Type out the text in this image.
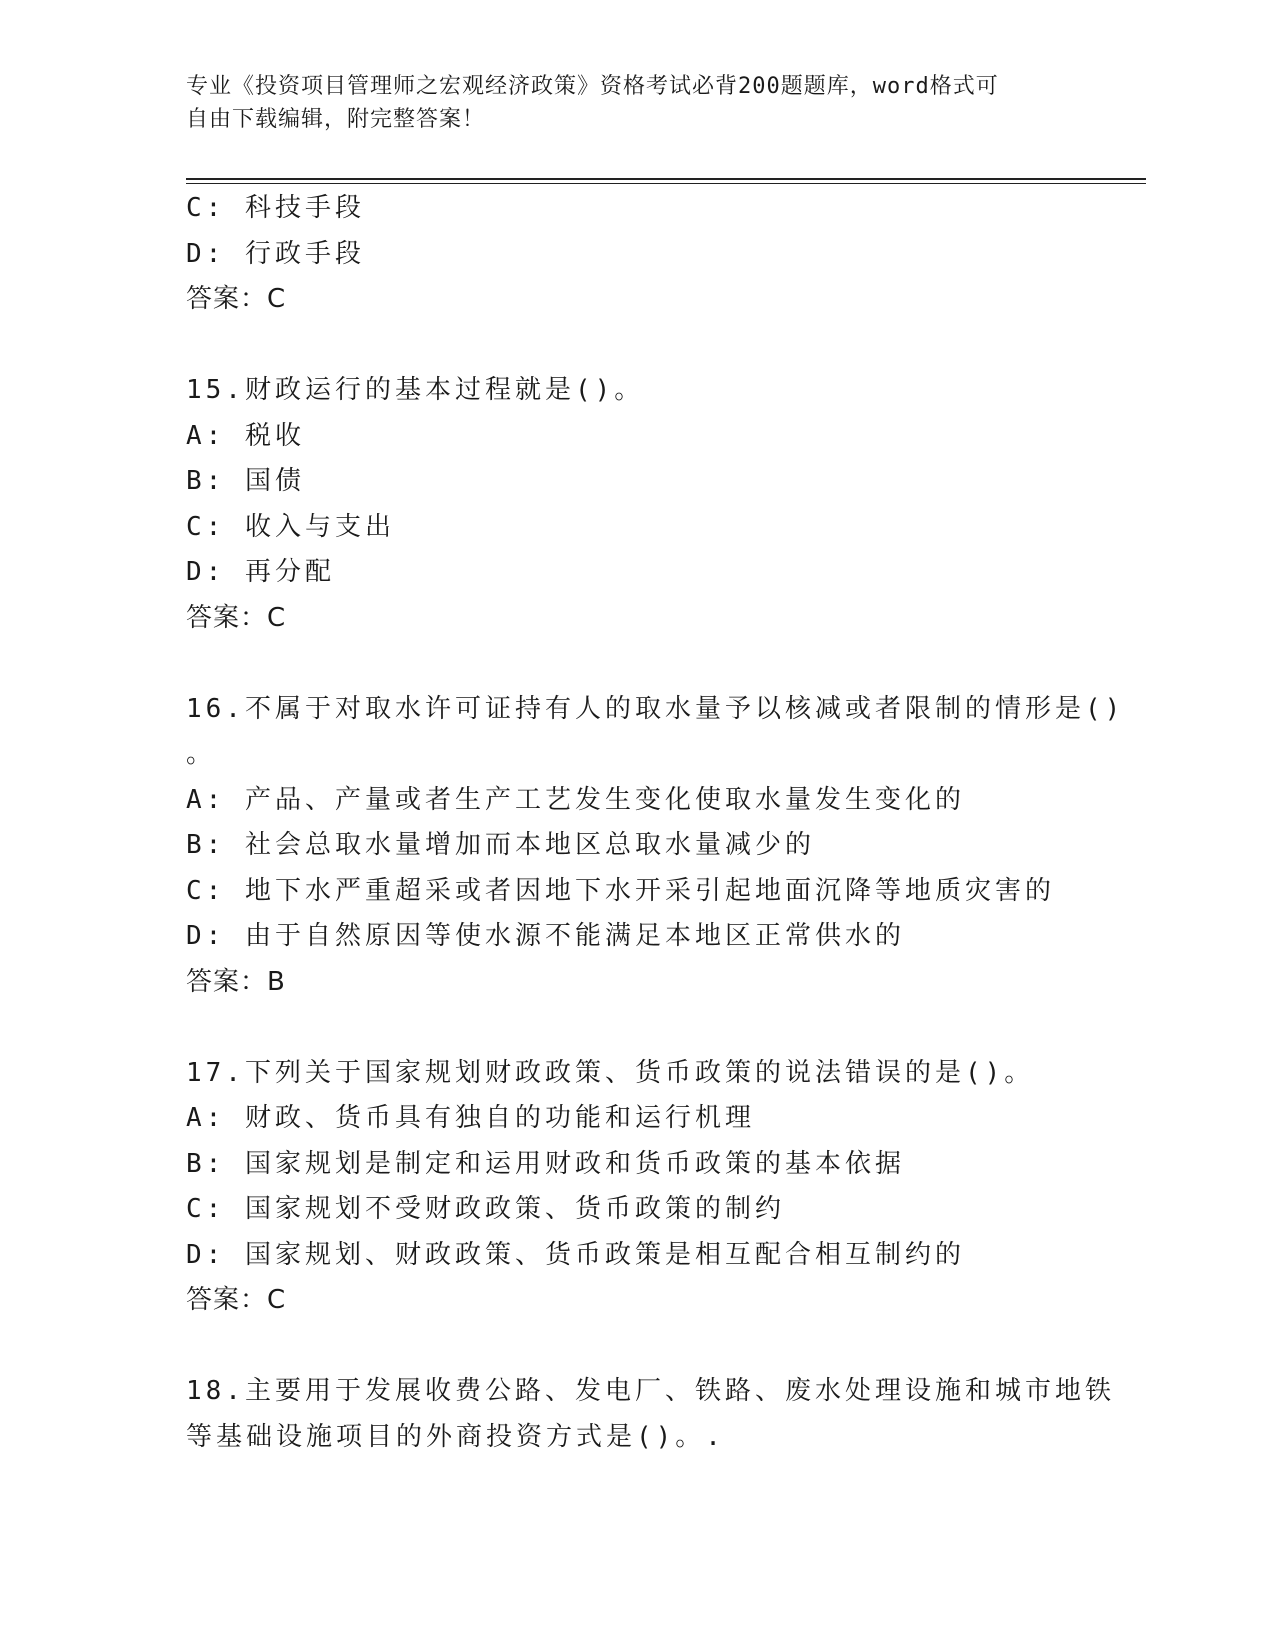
专业《投资项目管理师之宏观经济政策》资格考试必背200题题库，word格式可
自由下载编辑，附完整答案！
C: 科技手段
D: 行政手段
答案：C
15.财政运行的基本过程就是()。
A: 税收
B: 国债
C: 收入与支出
D: 再分配
答案：C
16.不属于对取水许可证持有人的取水量予以核减或者限制的情形是()
。
A: 产品、产量或者生产工艺发生变化使取水量发生变化的
B: 社会总取水量增加而本地区总取水量减少的
C: 地下水严重超采或者因地下水开采引起地面沉降等地质灾害的
D: 由于自然原因等使水源不能满足本地区正常供水的
答案：B
17.下列关于国家规划财政政策、货币政策的说法错误的是()。
A: 财政、货币具有独自的功能和运行机理
B: 国家规划是制定和运用财政和货币政策的基本依据
C: 国家规划不受财政政策、货币政策的制约
D: 国家规划、财政政策、货币政策是相互配合相互制约的
答案：C
18.主要用于发展收费公路、发电厂、铁路、废水处理设施和城市地铁
等基础设施项目的外商投资方式是()。.
